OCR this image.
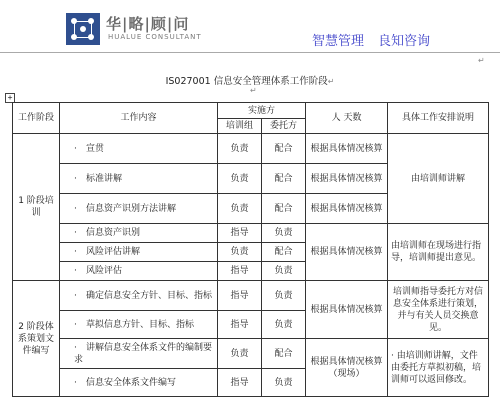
华|略|顾|问
HUALUE CONSULTANT	智慧管理 良知咨询
↵
↵
IS027001 信息安全管理体系工作阶段↵
+
工作阶段	工作内容	实施方		人 天数	具体工作安排说明
		培训组	委托方		
1 阶段培训	· 宣贯	负责	配合	根据具体情况核算	由培训师讲解
	· 标准讲解	负责	配合	根据具体情况核算	
	· 信息资产识别方法讲解	负责	配合	根据具体情况核算	
	· 信息资产识别	指导	负责	根据具体情况核算	由培训师在现场进行指导，培训师提出意见。
	· 风险评估讲解	负责	配合		
	· 风险评估	指导	负责		
2 阶段体系策划文件编写	· 确定信息安全方针、目标、指标	指导	负责	根据具体情况核算	培训师指导委托方对信息安全体系进行策划，并与有关人员交换意见。
	· 草拟信息方针、目标、指标	指导	负责		
	· 讲解信息安全体系文件的编制要求	负责	配合	根据具体情况核算（现场）	· 由培训师讲解，文件由委托方草拟初稿，培训师可以返回修改。
	· 信息安全体系文件编写	指导	负责		
